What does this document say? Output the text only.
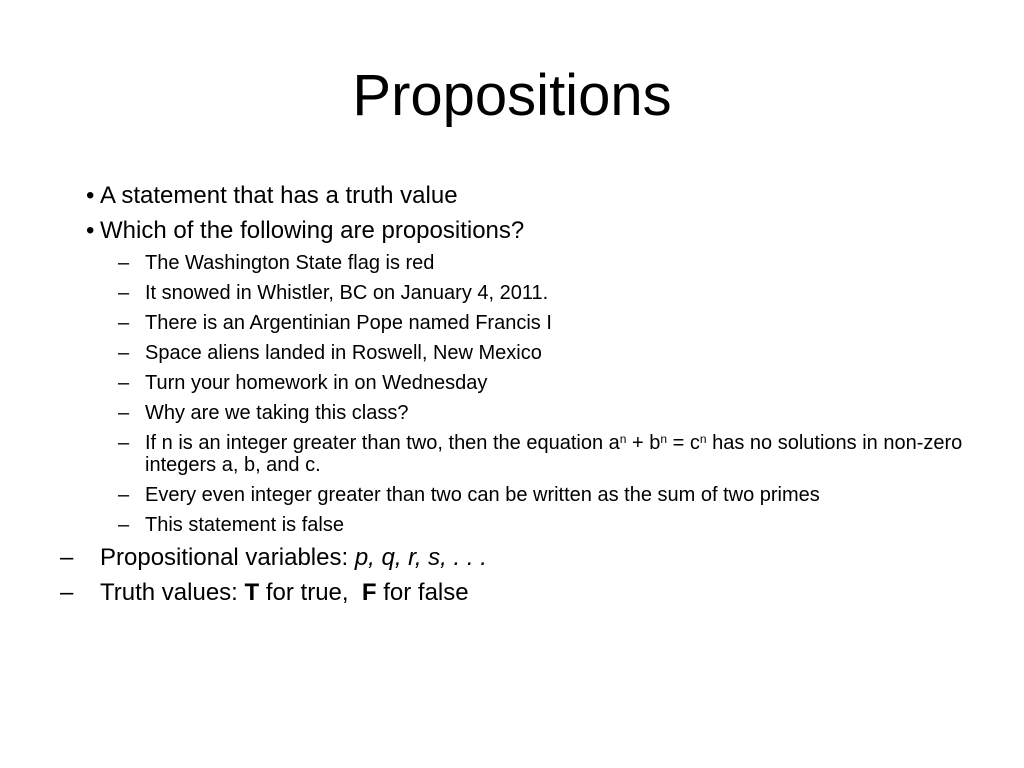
Propositions
• A statement that has a truth value
• Which of the following are propositions?
– The Washington State flag is red
– It snowed in Whistler, BC on January 4, 2011.
– There is an Argentinian Pope named Francis I
– Space aliens landed in Roswell, New Mexico
– Turn your homework in on Wednesday
– Why are we taking this class?
– If n is an integer greater than two, then the equation $a^n + b^n = c^n$ has no solutions in non-zero integers a, b, and c.
– Every even integer greater than two can be written as the sum of two primes
– This statement is false
– Propositional variables: p, q, r, s, . . .
– Truth values: T for true,  F for false
